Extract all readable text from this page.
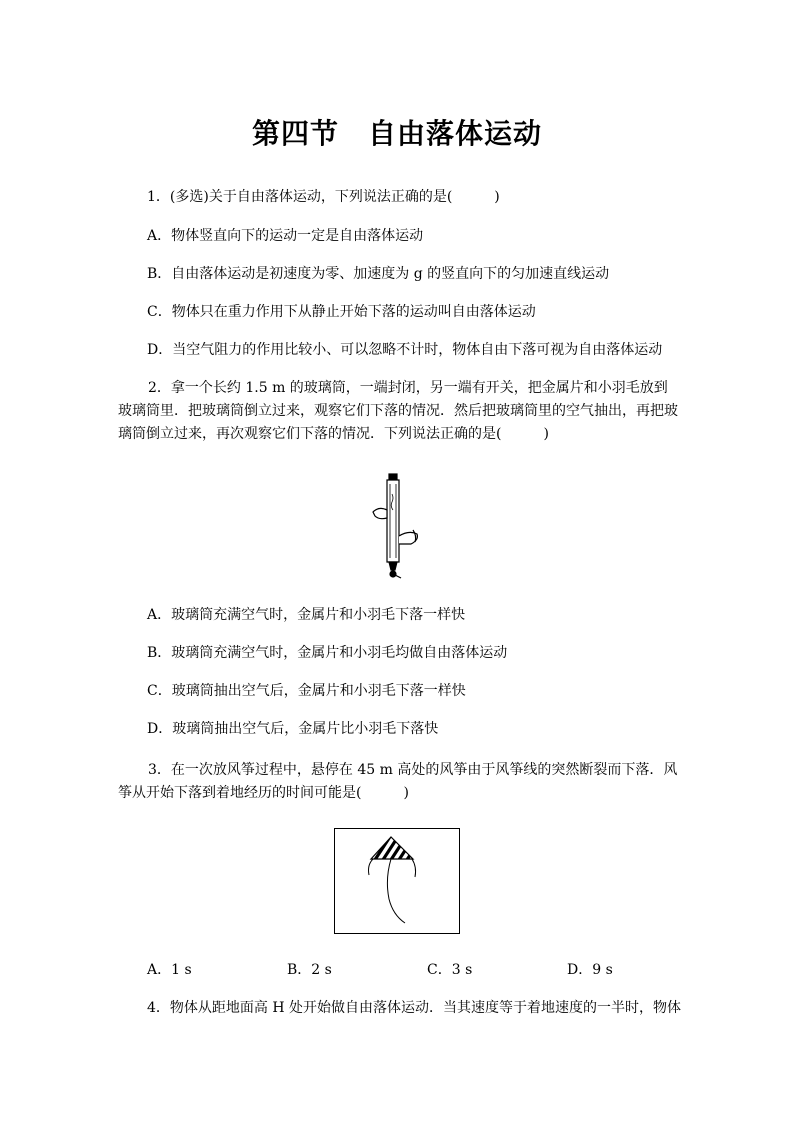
第四节　自由落体运动
1．(多选)关于自由落体运动，下列说法正确的是(　　　)
A．物体竖直向下的运动一定是自由落体运动
B．自由落体运动是初速度为零、加速度为 g 的竖直向下的匀加速直线运动
C．物体只在重力作用下从静止开始下落的运动叫自由落体运动
D．当空气阻力的作用比较小、可以忽略不计时，物体自由下落可视为自由落体运动
2．拿一个长约 1.5 m 的玻璃筒，一端封闭，另一端有开关，把金属片和小羽毛放到玻璃筒里．把玻璃筒倒立过来，观察它们下落的情况．然后把玻璃筒里的空气抽出，再把玻璃筒倒立过来，再次观察它们下落的情况．下列说法正确的是(　　　)
A．玻璃筒充满空气时，金属片和小羽毛下落一样快
B．玻璃筒充满空气时，金属片和小羽毛均做自由落体运动
C．玻璃筒抽出空气后，金属片和小羽毛下落一样快
D．玻璃筒抽出空气后，金属片比小羽毛下落快
3．在一次放风筝过程中，悬停在 45 m 高处的风筝由于风筝线的突然断裂而下落．风筝从开始下落到着地经历的时间可能是(　　　)
A．1 s	B．2 s	C．3 s	D．9 s
4．物体从距地面高 H 处开始做自由落体运动．当其速度等于着地速度的一半时，物体
